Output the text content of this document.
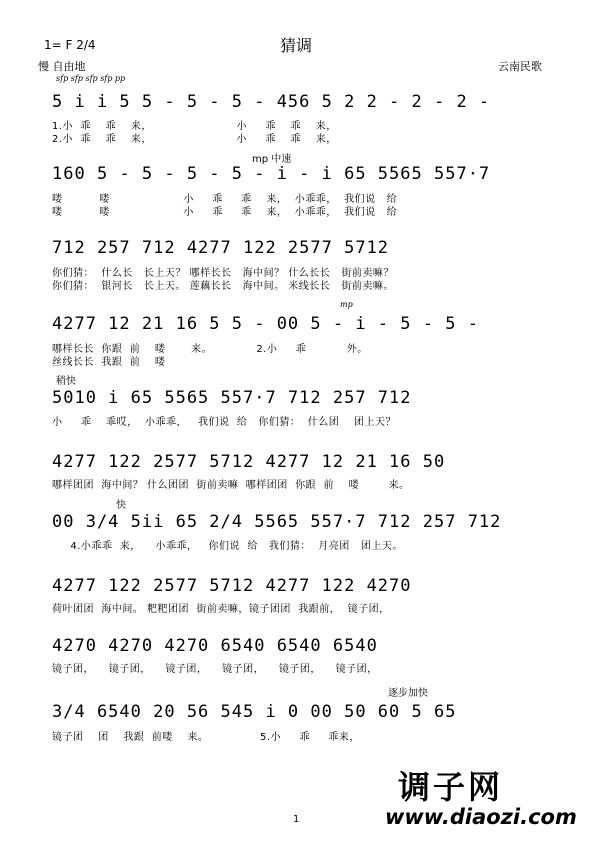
1= F 2/4	猜调
慢 自由地	云南民歌
sfp sfp sfp sfp pp
5 i i 5 5 - 5 - 5 - 456 5 2 2 - 2 - 2 -
1.小  乖    乖    来，                       小     乖    乖    来，
2.小  乖    乖    来，                       小     乖    乖    来，
mp 中速
160 5 - 5 - 5 - 5 - i - i 65 5565 557·7
喽          喽                    小     乖     乖    来，  小乖乖，  我们说   给
喽          喽                    小     乖     乖    来，  小乖乖，  我们说   给
712 257 712 4277 122 2577 5712
你们猜：  什么长   长上天？ 哪样长长   海中间？ 什么长长   街前卖嘛？
你们猜：  银河长   长上天。 莲藕长长   海中间。 米线长长   街前卖嘛。
mp
4277 12 21 16 5 5 - 00 5 - i - 5 - 5 -
哪样长长  你跟  前    喽       来。            2.小     乖           外。
丝线长长  我跟  前    喽
稍快
5010 i 65 5565 557·7 712 257 712
小     乖    乖哎，  小乖乖，   我们说  给   你们猜：  什么团    团上天？
4277 122 2577 5712 4277 12 21 16 50
哪样团团  海中间？ 什么团团  街前卖嘛  哪样团团  你跟  前    喽        来。
快
00 3/4 5ii 65 2/4 5565 557·7 712 257 712
4.小乖乖  来，    小乖乖，   你们说  给   我们猜：  月亮团   团上天。
4277 122 2577 5712 4277 122 4270
荷叶团团  海中间。 粑粑团团  街前卖嘛，镜子团团  我跟前，  镜子团，
4270 4270 4270 6540 6540 6540
镜子团，    镜子团，    镜子团，    镜子团，    镜子团，    镜子团，
逐步加快
3/4 6540 20 56 545 i 0 00 50 60 5 65
镜子团    团    我跟  前喽    来。              5.小     乖     乖来，
调子网
www.diaozi.com
1
